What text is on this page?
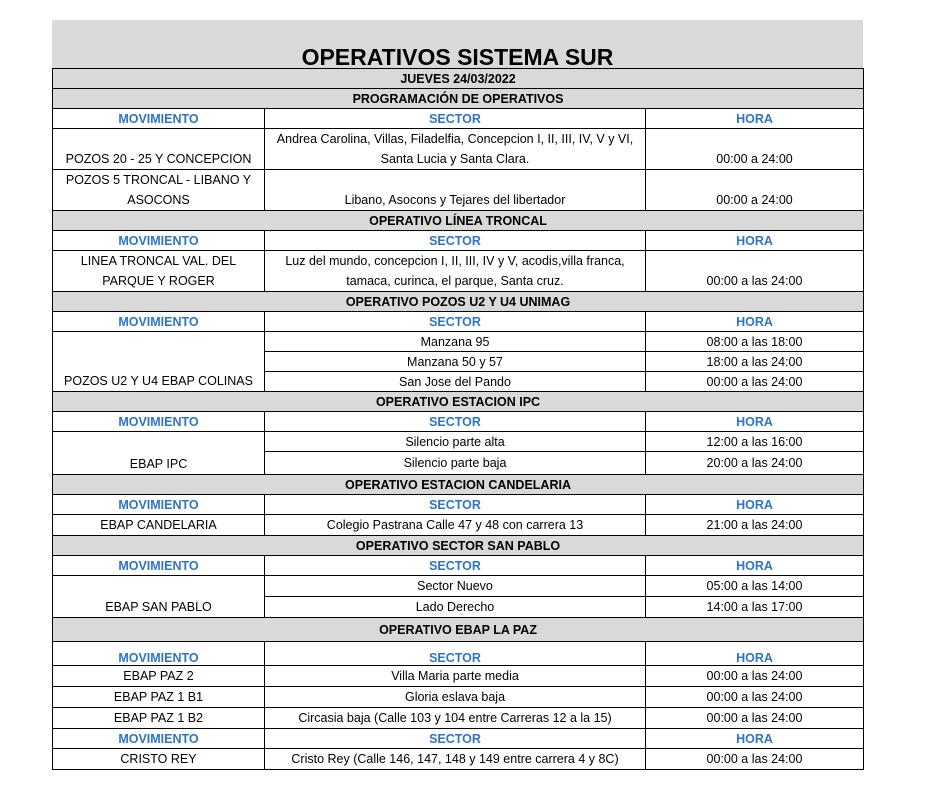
OPERATIVOS SISTEMA SUR
JUEVES 24/03/2022		
PROGRAMACIÓN DE OPERATIVOS		
MOVIMIENTO	SECTOR	HORA
POZOS 20 - 25 Y CONCEPCION	Andrea Carolina, Villas, Filadelfia, Concepcion I, II, III, IV, V y VI, Santa Lucia y Santa Clara.	00:00 a 24:00
POZOS 5 TRONCAL - LIBANO Y ASOCONS	Libano, Asocons y Tejares del libertador	00:00 a 24:00
OPERATIVO LÍNEA TRONCAL		
MOVIMIENTO	SECTOR	HORA
LINEA TRONCAL VAL. DEL PARQUE Y ROGER	Luz del mundo, concepcion I, II, III, IV y V, acodis,villa franca, tamaca, curinca, el parque, Santa cruz.	00:00 a las 24:00
OPERATIVO POZOS U2 Y U4 UNIMAG		
MOVIMIENTO	SECTOR	HORA
POZOS U2 Y U4 EBAP COLINAS	Manzana 95	08:00 a las 18:00
	Manzana 50 y 57	18:00 a las 24:00
	San Jose del Pando	00:00 a las 24:00
OPERATIVO ESTACION IPC		
MOVIMIENTO	SECTOR	HORA
EBAP IPC	Silencio parte alta	12:00 a las 16:00
	Silencio parte baja	20:00 a las 24:00
OPERATIVO ESTACION CANDELARIA		
MOVIMIENTO	SECTOR	HORA
EBAP CANDELARIA	Colegio Pastrana Calle 47 y 48 con carrera 13	21:00 a las 24:00
OPERATIVO SECTOR SAN PABLO		
MOVIMIENTO	SECTOR	HORA
EBAP SAN PABLO	Sector Nuevo	05:00 a las 14:00
	Lado Derecho	14:00 a las 17:00
OPERATIVO EBAP LA PAZ		
MOVIMIENTO	SECTOR	HORA
EBAP PAZ 2	Villa Maria parte media	00:00 a las 24:00
EBAP PAZ 1 B1	Gloria eslava baja	00:00 a las 24:00
EBAP PAZ 1 B2	Circasia baja (Calle 103 y 104 entre Carreras 12 a la 15)	00:00 a las 24:00
MOVIMIENTO	SECTOR	HORA
CRISTO REY	Cristo Rey (Calle 146, 147, 148 y 149 entre carrera 4 y 8C)	00:00 a las 24:00
